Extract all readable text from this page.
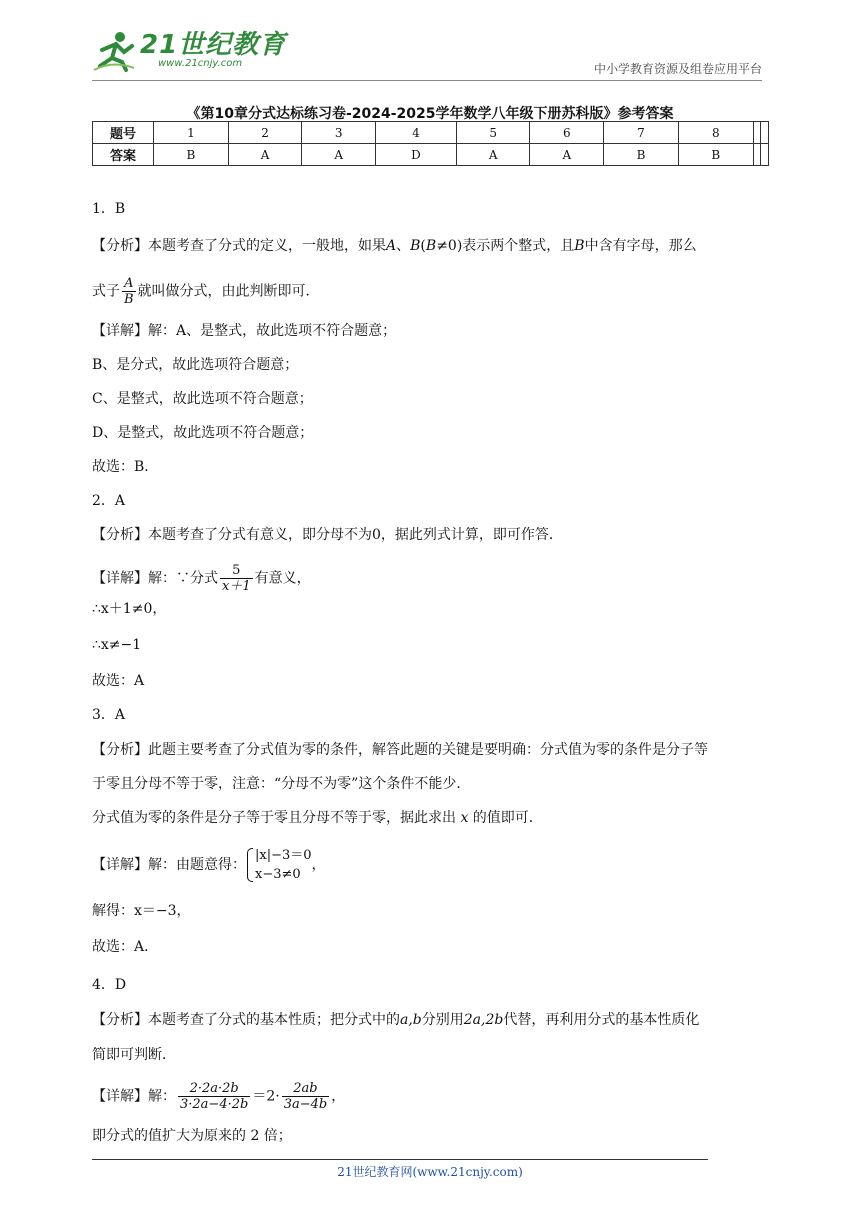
21世纪教育
www.21cnjy.com	中小学教育资源及组卷应用平台
《第10章分式达标练习卷-2024-2025学年数学八年级下册苏科版》参考答案
题号	1	2	3	4	5	6	7	8		
答案	B	A	A	D	A	A	B	B		
1．B
【分析】本题考查了分式的定义，一般地，如果A、B(B≠0)表示两个整式，且B中含有字母，那么
式子 $\frac{A}{B}$ 就叫做分式，由此判断即可．
【详解】解：A、是整式，故此选项不符合题意；
B、是分式，故此选项符合题意；
C、是整式，故此选项不符合题意；
D、是整式，故此选项不符合题意；
故选：B．
2．A
【分析】本题考查了分式有意义，即分母不为0，据此列式计算，即可作答．
【详解】解：∵分式 $\frac{5}{x+1}$ 有意义，
∴x＋1≠0，
∴x≠−1
故选：A
3．A
【分析】此题主要考查了分式值为零的条件，解答此题的关键是要明确：分式值为零的条件是分子等
于零且分母不等于零，注意：“分母不为零”这个条件不能少．
分式值为零的条件是分子等于零且分母不等于零，据此求出 x 的值即可．
【详解】解：由题意得：
|x|−3＝0
x−3≠0
，
解得：x＝−3，
故选：A．
4．D
【分析】本题考查了分式的基本性质；把分式中的a,b分别用2a,2b代替，再利用分式的基本性质化
简即可判断．
【详解】解： $\frac{2\cdot 2a\cdot 2b}{3\cdot 2a-4\cdot 2b} =2\cdot \frac{2ab}{3a-4b}$ ，
即分式的值扩大为原来的 2 倍；
21世纪教育网(www.21cnjy.com)
